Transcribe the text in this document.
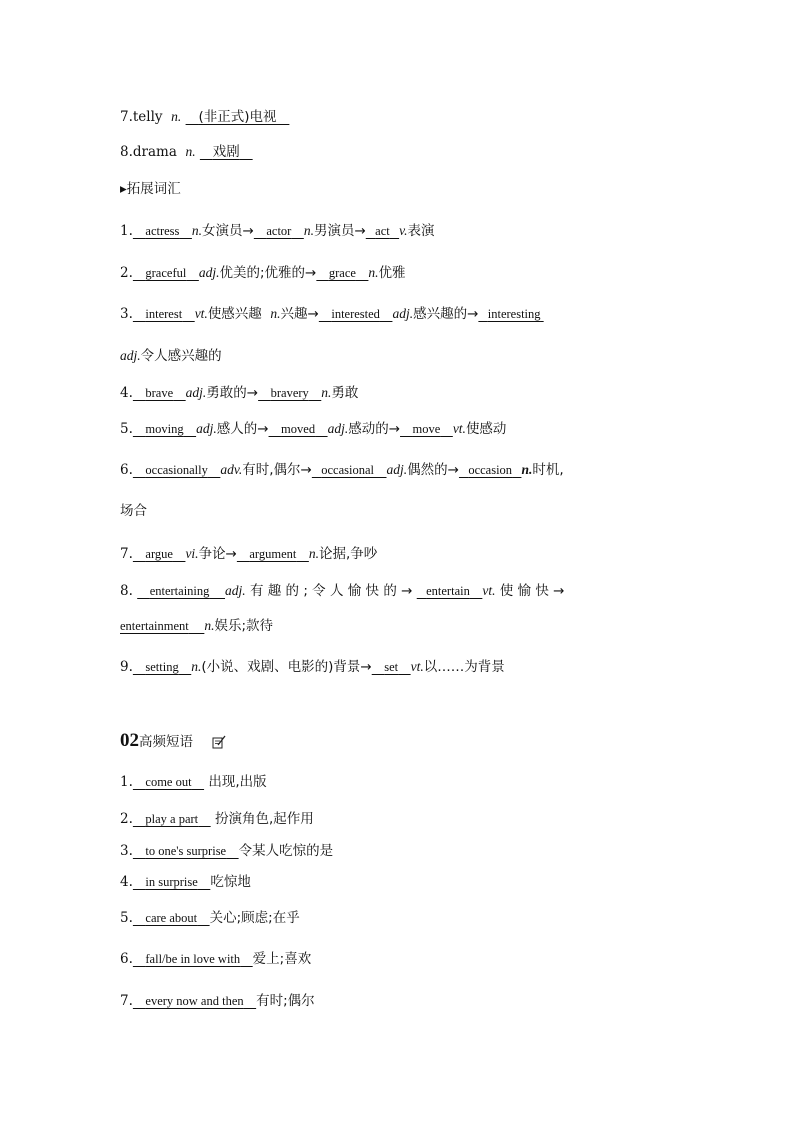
7.telly n. (非正式)电视
8.drama n. 戏剧
▸拓展词汇
1. actress n.女演员→ actor n.男演员→ act v.表演
2. graceful adj.优美的;优雅的→ grace n.优雅
3. interest vt.使感兴趣 n.兴趣→ interested adj.感兴趣的→ interesting
adj.令人感兴趣的
4. brave adj.勇敢的→ bravery n.勇敢
5. moving adj.感人的→ moved adj.感动的→ move vt.使感动
6. occasionally adv.有时,偶尔→ occasional adj.偶然的→ occasion n.时机,
场合
7. argue vi.争论→ argument n.论据,争吵
8. entertaining adj. 有 趣 的 ; 令 人 愉 快 的 → entertain vt. 使 愉 快 →
entertainment n.娱乐;款待
9. setting n.(小说、戏剧、电影的)背景→ set vt.以……为背景
02高频短语
1. come out 出现,出版
2. play a part 扮演角色,起作用
3. to one's surprise 令某人吃惊的是
4. in surprise 吃惊地
5. care about 关心;顾虑;在乎
6. fall/be in love with 爱上;喜欢
7. every now and then 有时;偶尔
